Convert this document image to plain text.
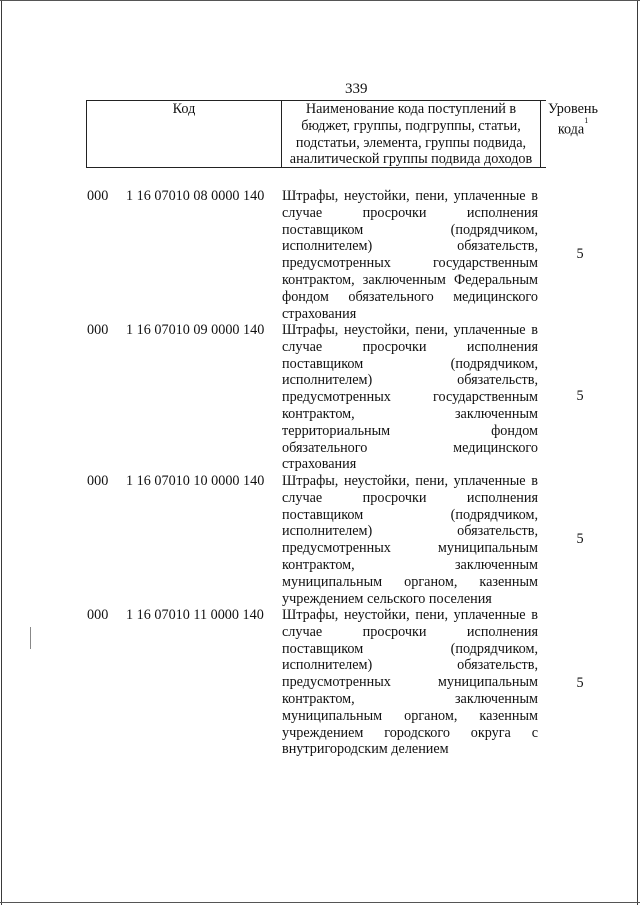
339
Код	Наименование кода поступлений в
бюджет, группы, подгруппы, статьи,
подстатьи, элемента, группы подвида,
аналитической группы подвида доходов
Уровень
кода$^1$
000	1 16 07010 08 0000 140	Штрафы, неустойки, пени, уплаченные в
случае просрочки исполнения
поставщиком (подрядчиком,
исполнителем) обязательств,
предусмотренных государственным
контрактом, заключенным Федеральным
фондом обязательного медицинского
страхования
5
000	1 16 07010 09 0000 140	Штрафы, неустойки, пени, уплаченные в
случае просрочки исполнения
поставщиком (подрядчиком,
исполнителем) обязательств,
предусмотренных государственным
контрактом, заключенным
территориальным фондом
обязательного медицинского
страхования
5
000	1 16 07010 10 0000 140	Штрафы, неустойки, пени, уплаченные в
случае просрочки исполнения
поставщиком (подрядчиком,
исполнителем) обязательств,
предусмотренных муниципальным
контрактом, заключенным
муниципальным органом, казенным
учреждением сельского поселения
5
000	1 16 07010 11 0000 140	Штрафы, неустойки, пени, уплаченные в
случае просрочки исполнения
поставщиком (подрядчиком,
исполнителем) обязательств,
предусмотренных муниципальным
контрактом, заключенным
муниципальным органом, казенным
учреждением городского округа с
внутригородским делением
5
